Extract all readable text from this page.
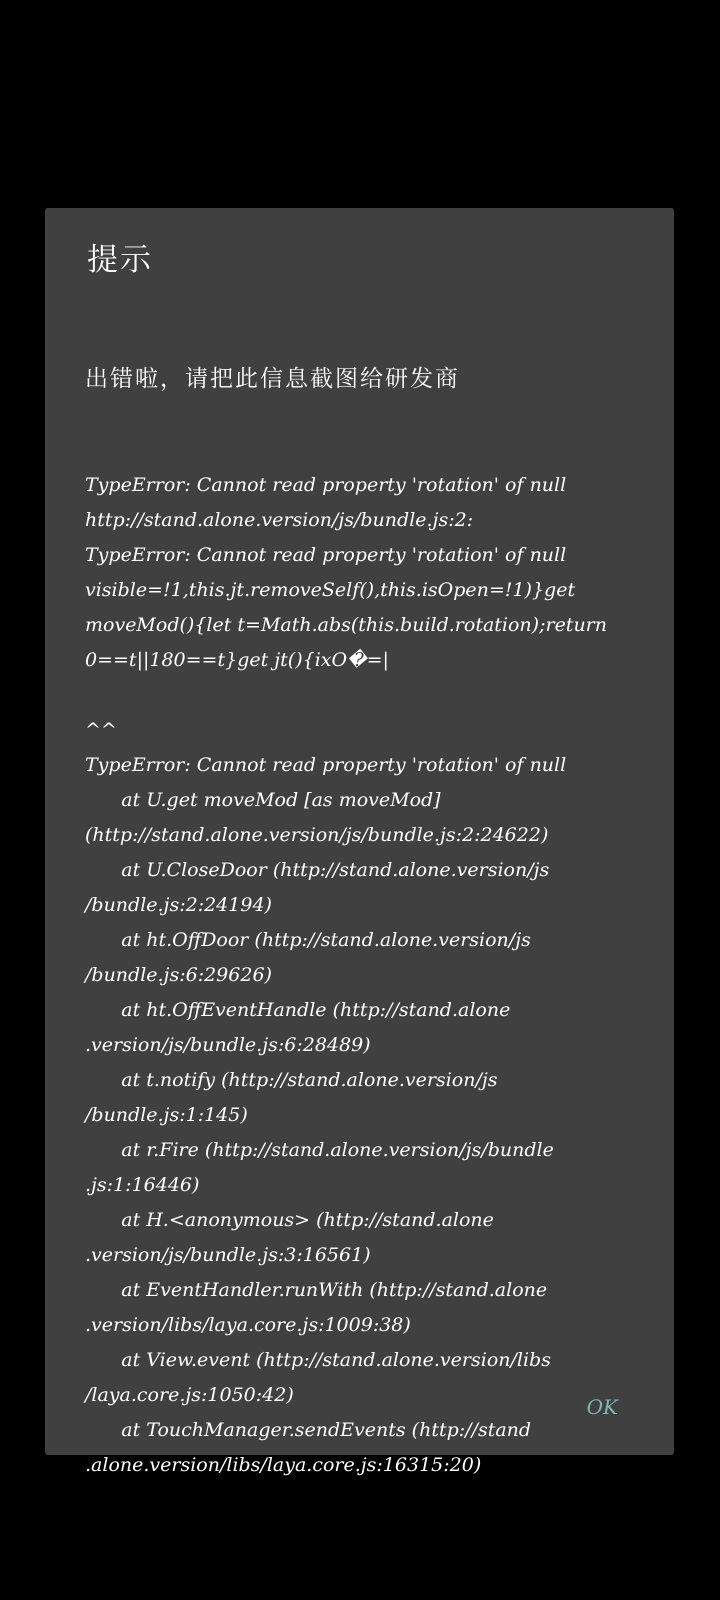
提示

出错啦，请把此信息截图给研发商

TypeError: Cannot read property 'rotation' of null
http://stand.alone.version/js/bundle.js:2:
TypeError: Cannot read property 'rotation' of null
visible=!1,this.jt.removeSelf(),this.isOpen=!1)}get
moveMod(){let t=Math.abs(this.build.rotation);return
0==t||180==t}get jt(){ixO�=|

^^
TypeError: Cannot read property 'rotation' of null
at U.get moveMod [as moveMod]
(http://stand.alone.version/js/bundle.js:2:24622)
at U.CloseDoor (http://stand.alone.version/js
/bundle.js:2:24194)
at ht.OffDoor (http://stand.alone.version/js
/bundle.js:6:29626)
at ht.OffEventHandle (http://stand.alone
.version/js/bundle.js:6:28489)
at t.notify (http://stand.alone.version/js
/bundle.js:1:145)
at r.Fire (http://stand.alone.version/js/bundle
.js:1:16446)
at H.<anonymous> (http://stand.alone
.version/js/bundle.js:3:16561)
at EventHandler.runWith (http://stand.alone
.version/libs/laya.core.js:1009:38)
at View.event (http://stand.alone.version/libs
/laya.core.js:1050:42)
at TouchManager.sendEvents (http://stand
.alone.version/libs/laya.core.js:16315:20)

OK
